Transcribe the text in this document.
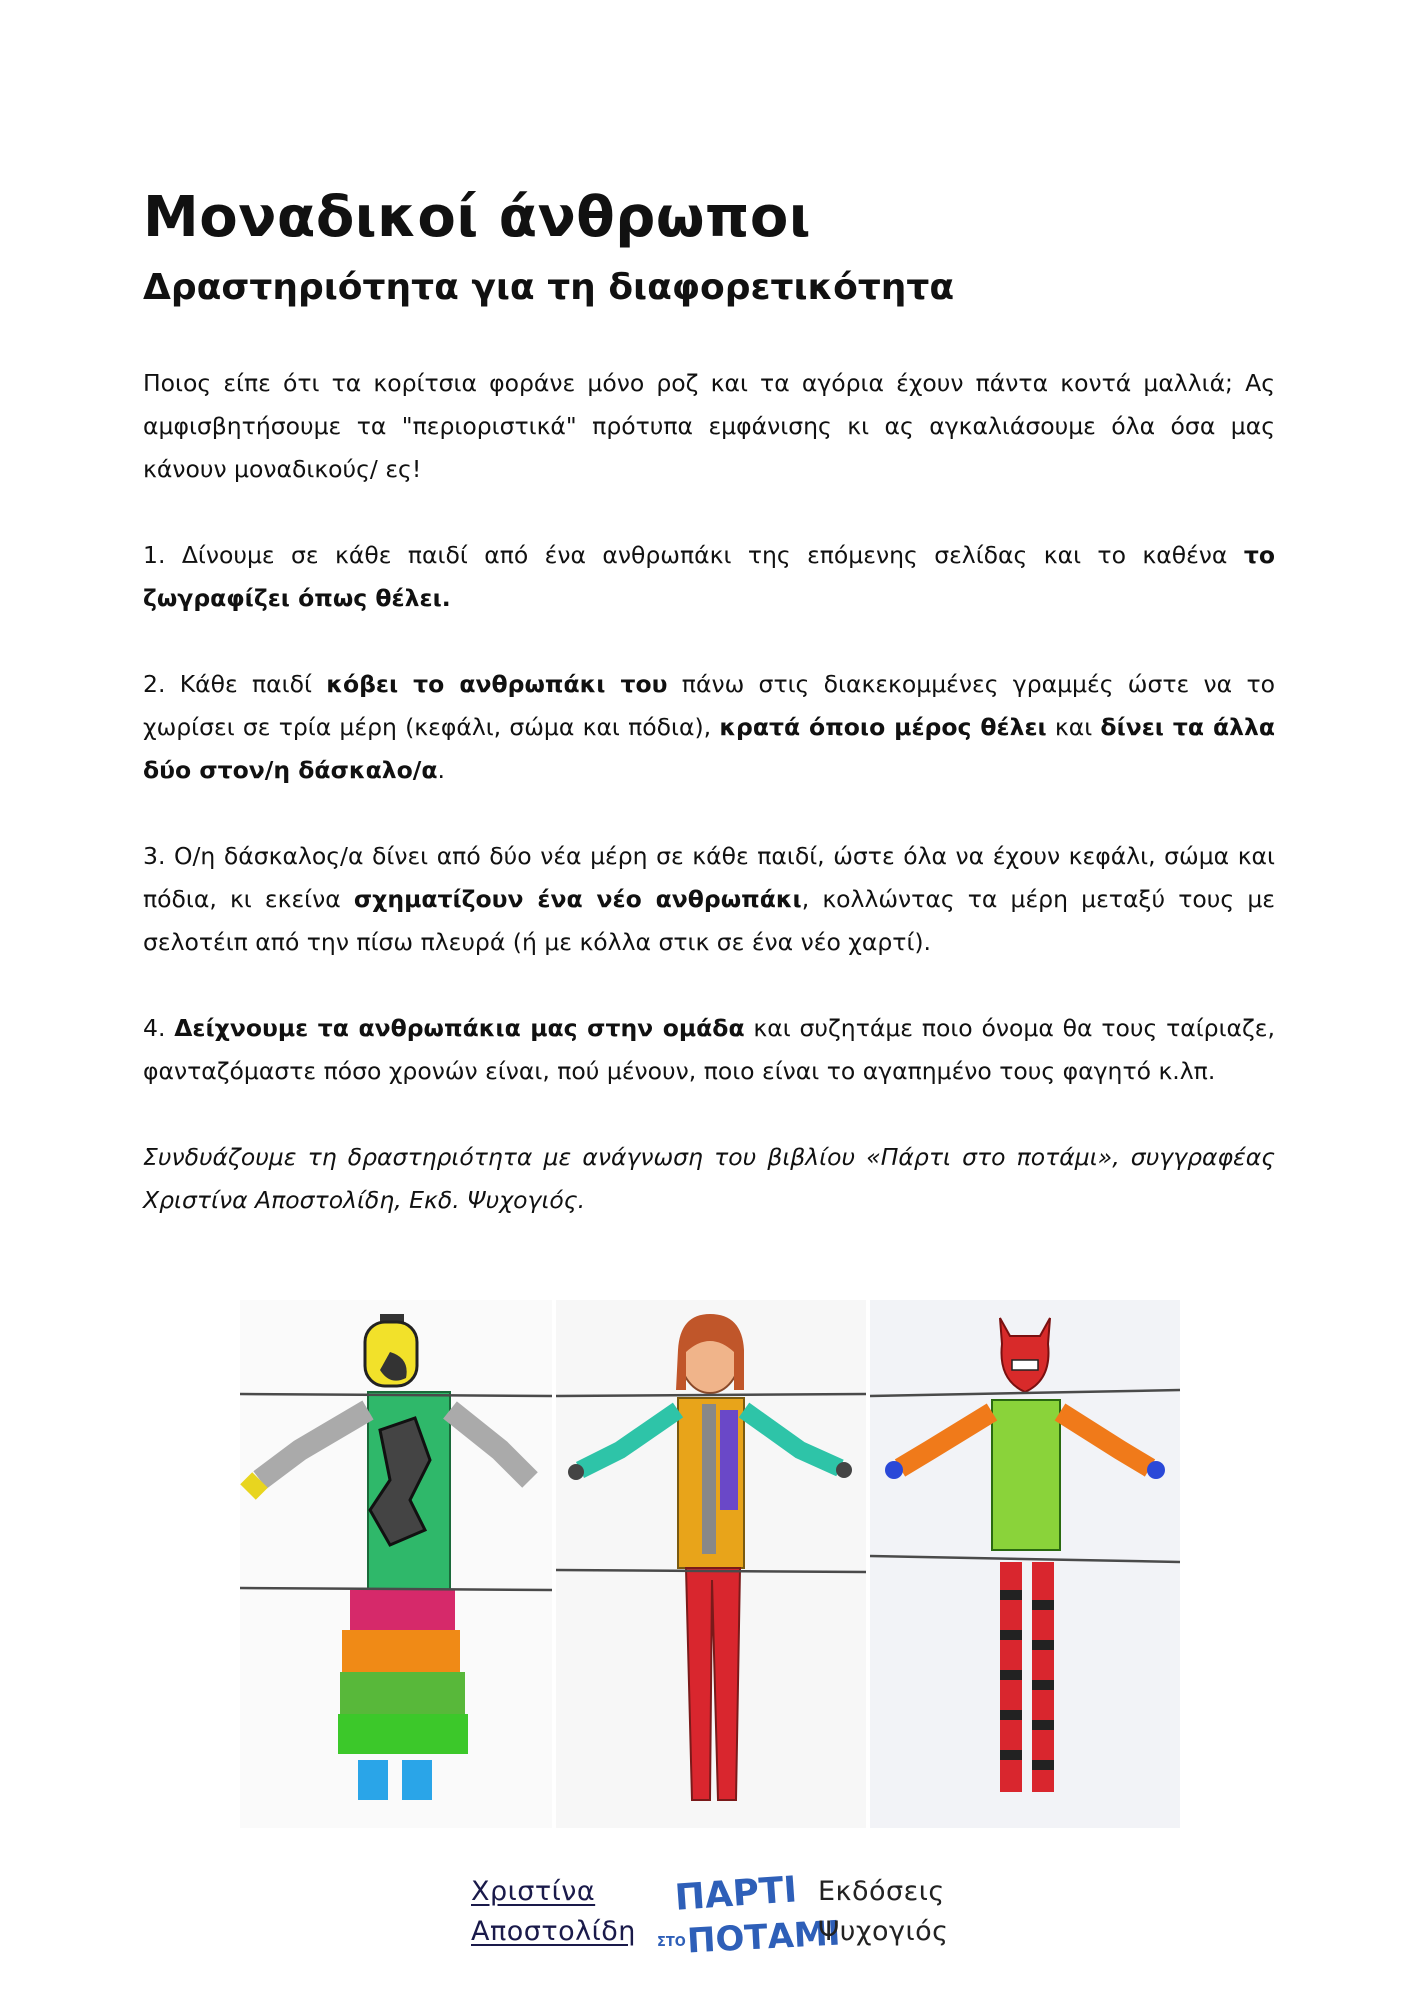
Μοναδικοί άνθρωποι
Δραστηριότητα για τη διαφορετικότητα

Ποιος είπε ότι τα κορίτσια φοράνε μόνο ροζ και τα αγόρια έχουν πάντα κοντά μαλλιά; Ας αμφισβητήσουμε τα "περιοριστικά" πρότυπα εμφάνισης κι ας αγκαλιάσουμε όλα όσα μας κάνουν μοναδικούς/ ες!

1. Δίνουμε σε κάθε παιδί από ένα ανθρωπάκι της επόμενης σελίδας και το καθένα το ζωγραφίζει όπως θέλει.

2. Κάθε παιδί κόβει το ανθρωπάκι του πάνω στις διακεκομμένες γραμμές ώστε να το χωρίσει σε τρία μέρη (κεφάλι, σώμα και πόδια), κρατά όποιο μέρος θέλει και δίνει τα άλλα δύο στον/η δάσκαλο/α.

3. Ο/η δάσκαλος/α δίνει από δύο νέα μέρη σε κάθε παιδί, ώστε όλα να έχουν κεφάλι, σώμα και πόδια, κι εκείνα σχηματίζουν ένα νέο ανθρωπάκι, κολλώντας τα μέρη μεταξύ τους με σελοτέιπ από την πίσω πλευρά (ή με κόλλα στικ σε ένα νέο χαρτί).

4. Δείχνουμε τα ανθρωπάκια μας στην ομάδα και συζητάμε ποιο όνομα θα τους ταίριαζε, φανταζόμαστε πόσο χρονών είναι, πού μένουν, ποιο είναι το αγαπημένο τους φαγητό κ.λπ.

Συνδυάζουμε τη δραστηριότητα με ανάγνωση του βιβλίου «Πάρτι στο ποτάμι», συγγραφέας Χριστίνα Αποστολίδη, Εκδ. Ψυχογιός.

Χριστίνα
Αποστολίδη
ΠΑΡΤΙ
ΣΤΟ ΠΟΤΑΜΙ
Εκδόσεις
Ψυχογιός
